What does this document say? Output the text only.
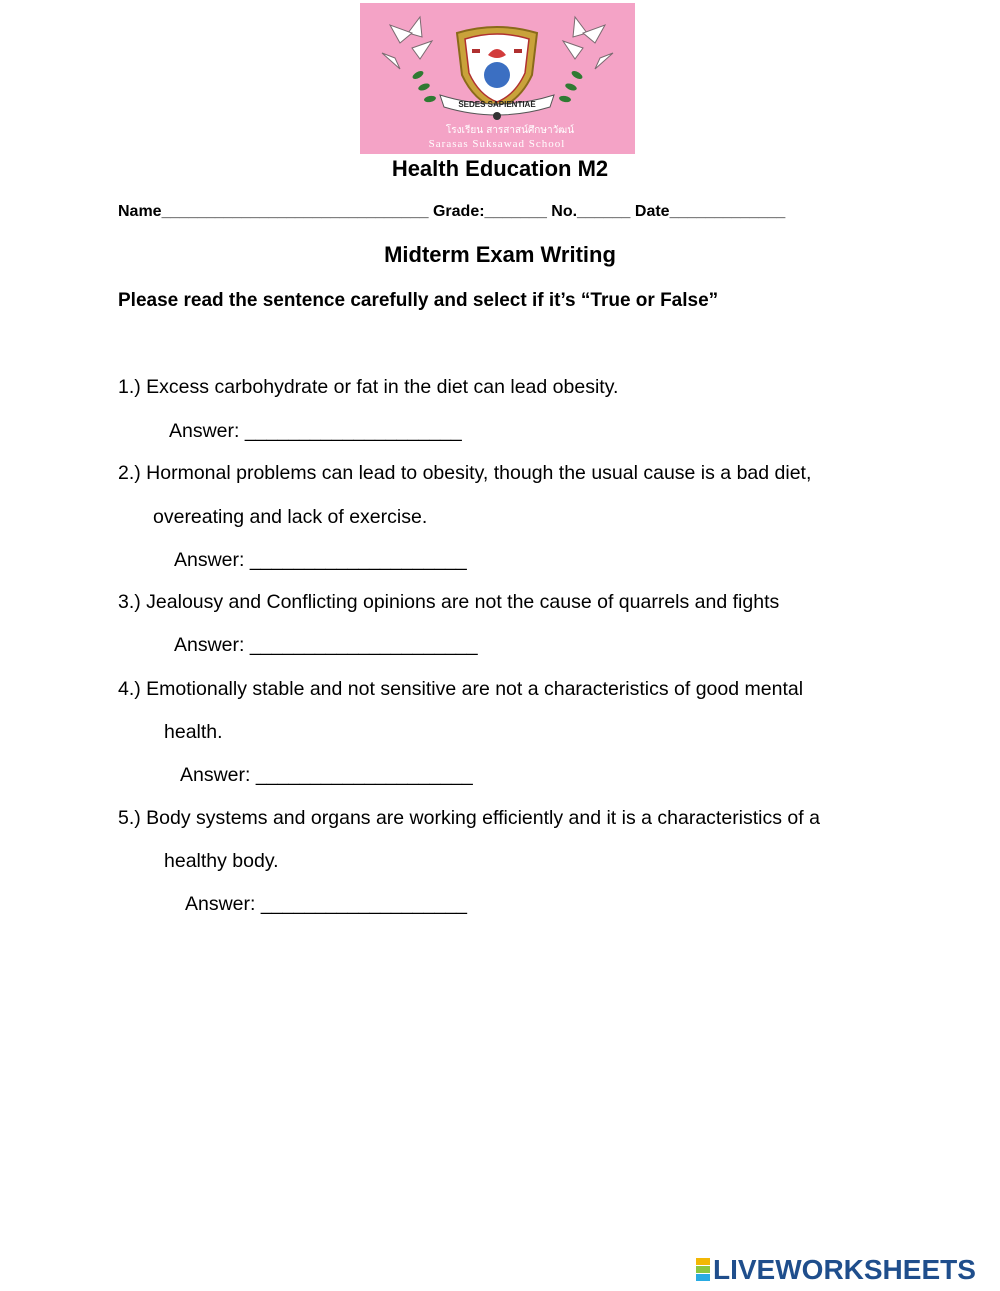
SEDES SAPIENTIAE
โรงเรียน สารสาสน์ศึกษาวัฒน์
Sarasas Suksawad School
Health Education M2
Name______________________________ Grade:_______ No.______ Date_____________
Midterm Exam Writing
Please read the sentence carefully and select if it’s “True or False”
1.) Excess carbohydrate or fat in the diet can lead obesity.
Answer: ____________________
2.) Hormonal problems can lead to obesity, though the usual cause is a bad diet,
overeating and lack of exercise.
Answer: ____________________
3.) Jealousy and Conflicting opinions are not the cause of quarrels and fights
Answer: _____________________
4.) Emotionally stable and not sensitive are not a characteristics of good mental
health.
Answer: ____________________
5.) Body systems and organs are working efficiently and it is a characteristics of a
healthy body.
Answer: ___________________
LIVEWORKSHEETS
